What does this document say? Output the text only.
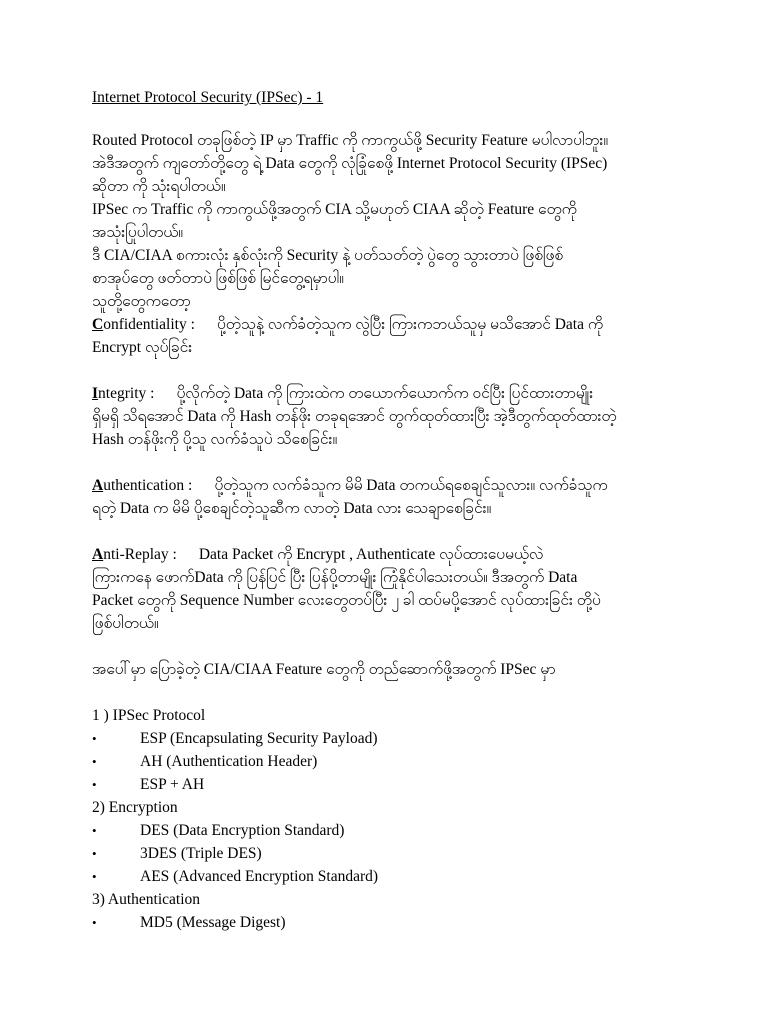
Internet Protocol Security (IPSec) - 1

Routed Protocol တခုဖြစ်တဲ့ IP မှာ Traffic ကို ကာကွယ်ဖို့ Security Feature မပါလာပါဘူး။

အဲဒီအတွက် ကျတော်တို့တွေ ရဲ့ Data တွေကို လုံခြုံစေဖို့ Internet Protocol Security (IPSec)

ဆိုတာ ကို သုံးရပါတယ်။

IPSec က Traffic ကို ကာကွယ်ဖို့အတွက် CIA သို့မဟုတ် CIAA ဆိုတဲ့ Feature တွေကို

အသုံးပြုပါတယ်။

ဒီ CIA/CIAA စကားလုံး နှစ်လုံးကို Security နဲ့ ပတ်သတ်တဲ့ ပွဲတွေ သွားတာပဲ ဖြစ်ဖြစ်

စာအုပ်တွေ ဖတ်တာပဲ ဖြစ်ဖြစ် မြင်တွေ့ရမှာပါ။

သူတို့တွေကတော့

Confidentiality : ပို့တဲ့သူနဲ့ လက်ခံတဲ့သူက လွဲပြီး ကြားကဘယ်သူမှ မသိအောင် Data ကို

Encrypt လုပ်ခြင်း

Integrity : ပို့လိုက်တဲ့ Data ကို ကြားထဲက တယောက်ယောက်က ဝင်ပြီး ပြင်ထားတာမျိုး

ရှိမရှိ သိရအောင် Data ကို Hash တန်ဖိုး တခုရအောင် တွက်ထုတ်ထားပြီး အဲ့ဒီတွက်ထုတ်ထားတဲ့

Hash တန်ဖိုးကို ပို့သူ လက်ခံသူပဲ သိစေခြင်း။

Authentication : ပို့တဲ့သူက လက်ခံသူက မိမိ Data တကယ်ရစေချင်သူလား။ လက်ခံသူက

ရတဲ့ Data က မိမိ ပို့စေချင်တဲ့သူဆီက လာတဲ့ Data လား သေချာစေခြင်း။

Anti-Replay : Data Packet ကို Encrypt , Authenticate လုပ်ထားပေမယ့်လဲ

ကြားကနေ ဖောက်Data ကို ပြန်ပြင် ပြီး ပြန်ပို့တာမျိုး ကြုံနိုင်ပါသေးတယ်။ ဒီအတွက် Data

Packet တွေကို Sequence Number လေးတွေတပ်ပြီး ၂ ခါ ထပ်မပို့အောင် လုပ်ထားခြင်း တို့ပဲ

ဖြစ်ပါတယ်။

အပေါ်မှာ ပြောခဲ့တဲ့ CIA/CIAA Feature တွေကို တည်ဆောက်ဖို့အတွက် IPSec မှာ

1 ) IPSec Protocol

•	ESP (Encapsulating Security Payload)

•	AH (Authentication Header)

•	ESP + AH

2) Encryption

•	DES (Data Encryption Standard)

•	3DES (Triple DES)

•	AES (Advanced Encryption Standard)

3) Authentication

•	MD5 (Message Digest)
